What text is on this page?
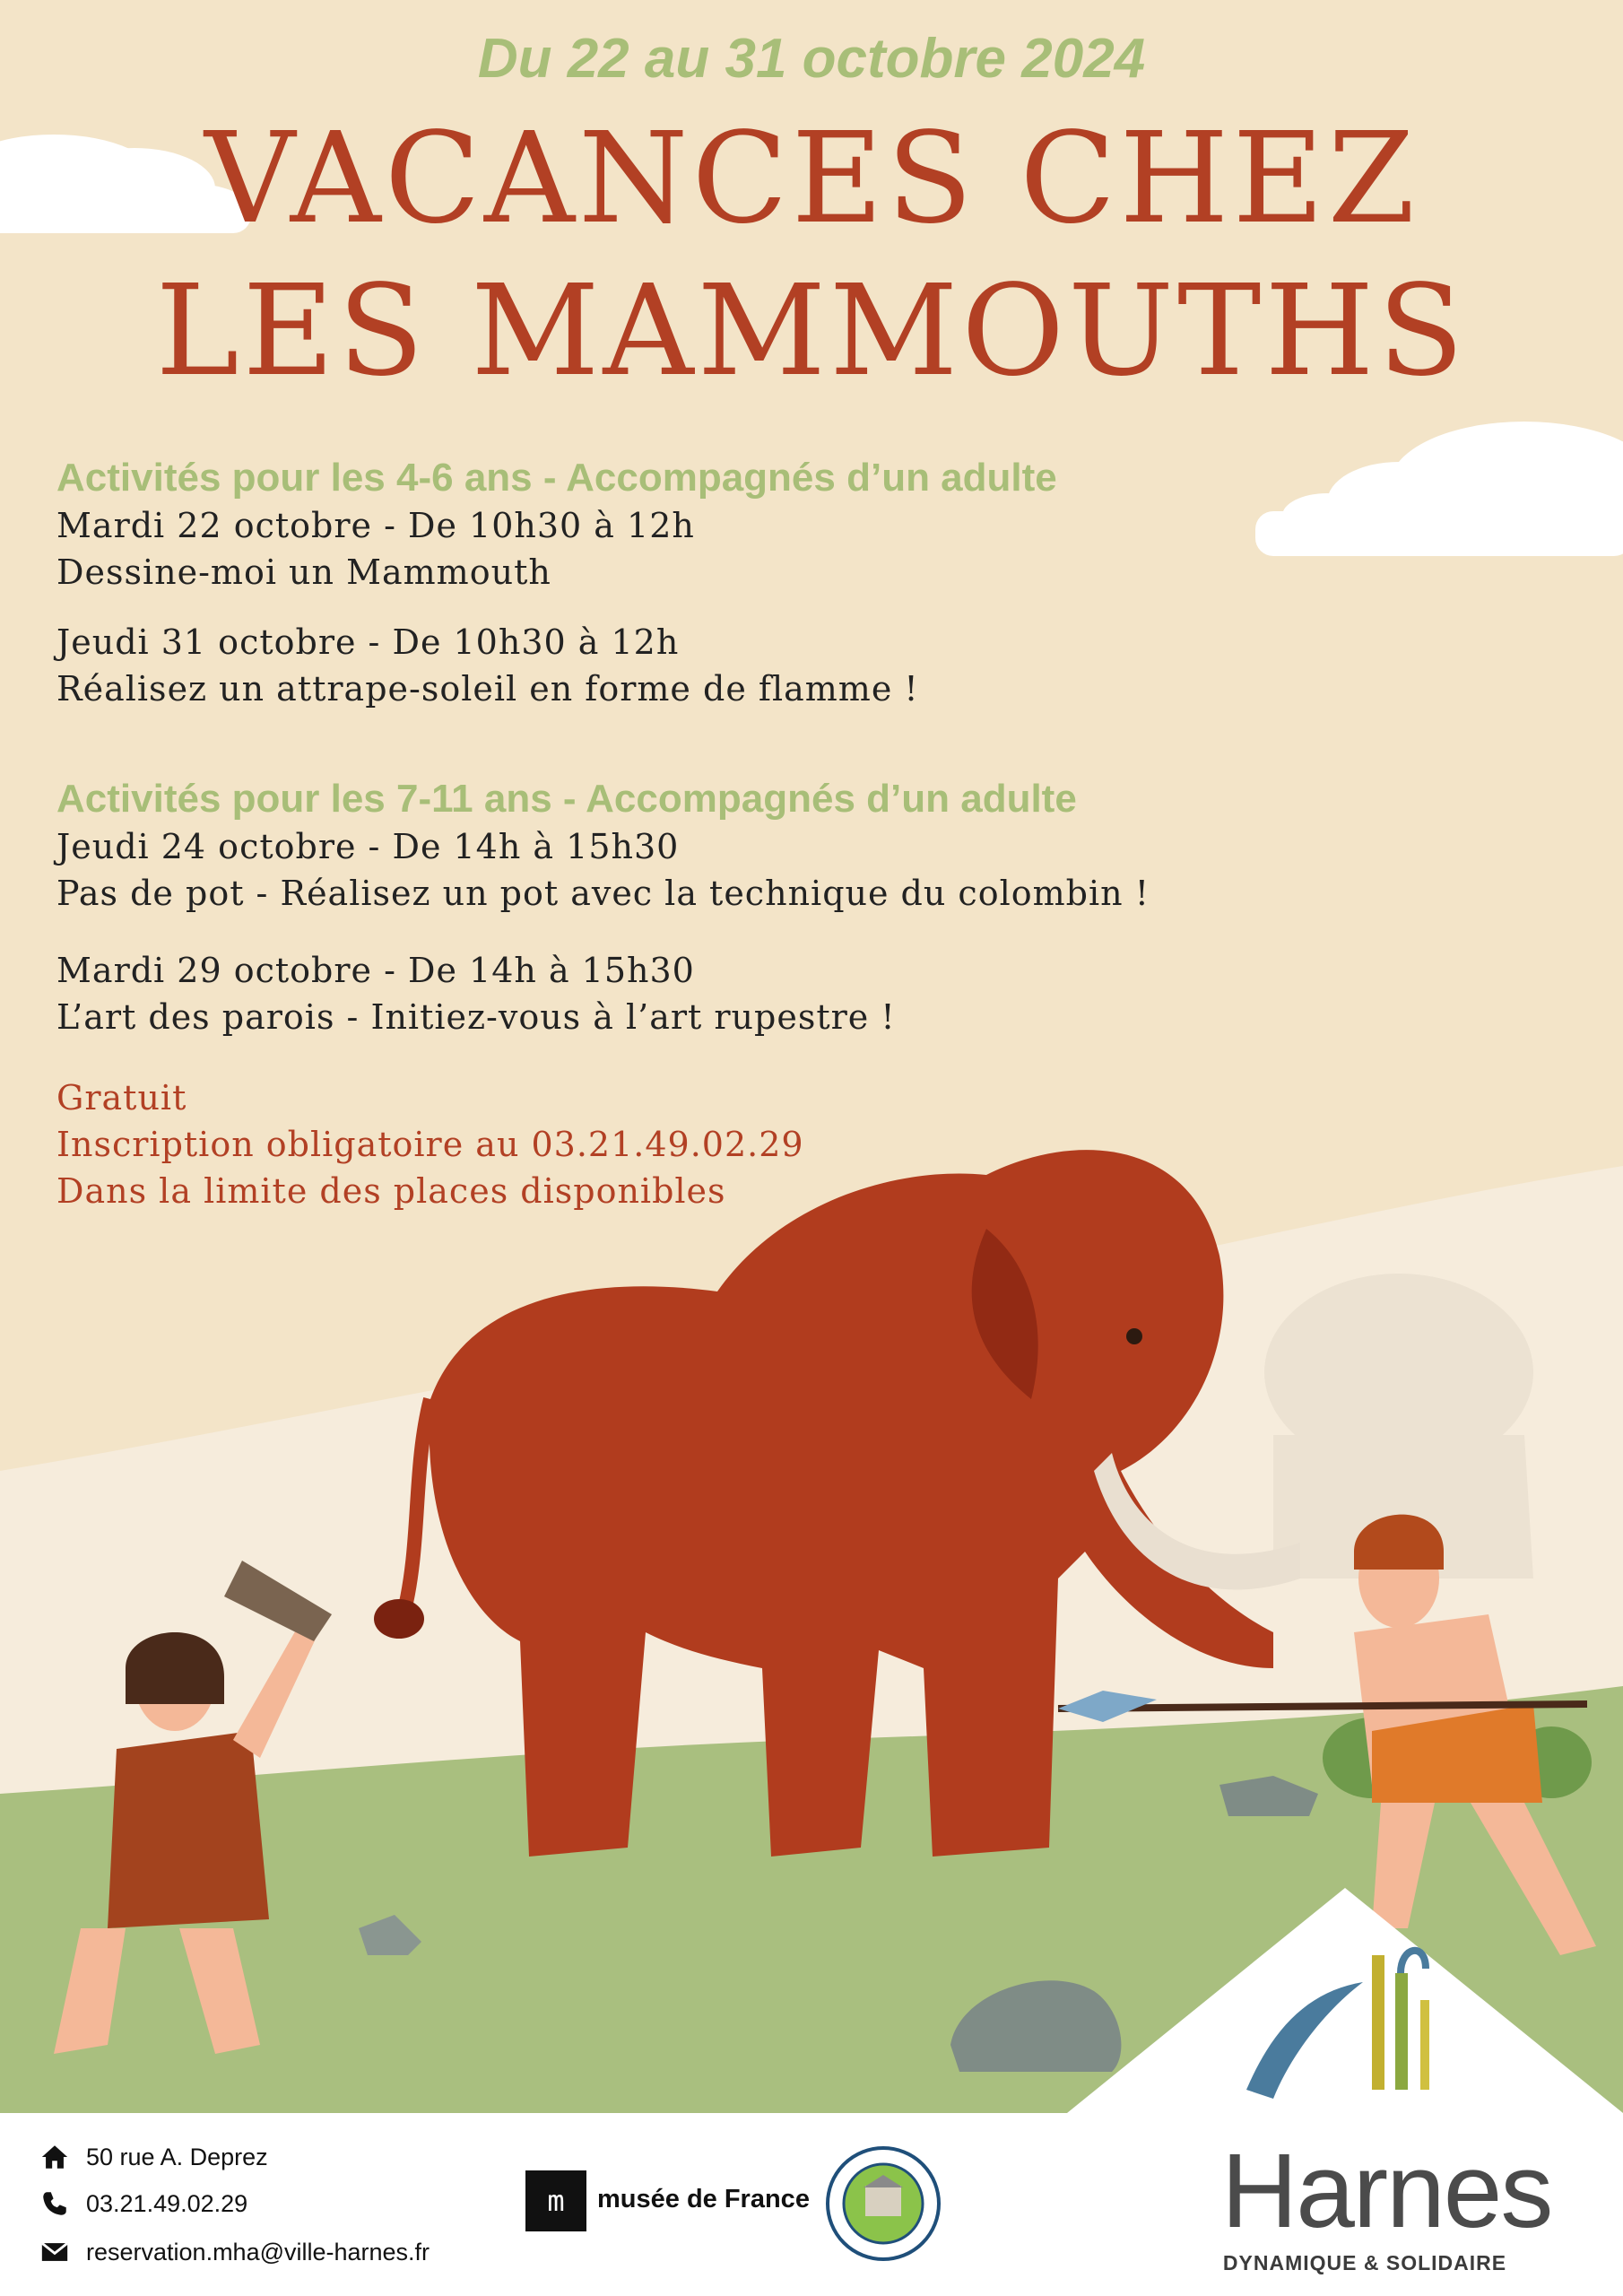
Du 22 au 31 octobre 2024
VACANCES CHEZ
LES MAMMOUTHS
Activités pour les 4-6 ans - Accompagnés d’un adulte
Mardi 22 octobre - De 10h30 à 12h
Dessine-moi un Mammouth
Jeudi 31 octobre - De 10h30 à 12h
Réalisez un attrape-soleil en forme de flamme !
Activités pour les 7-11 ans - Accompagnés d’un adulte
Jeudi 24 octobre - De 14h à 15h30
Pas de pot - Réalisez un pot avec la technique du colombin !
Mardi 29 octobre - De 14h à 15h30
L’art des parois - Initiez-vous à l’art rupestre !
Gratuit
Inscription obligatoire au 03.21.49.02.29
Dans la limite des places disponibles
50 rue A. Deprez
03.21.49.02.29
reservation.mha@ville-harnes.fr
m	musée de France	Harnes
DYNAMIQUE & SOLIDAIRE
